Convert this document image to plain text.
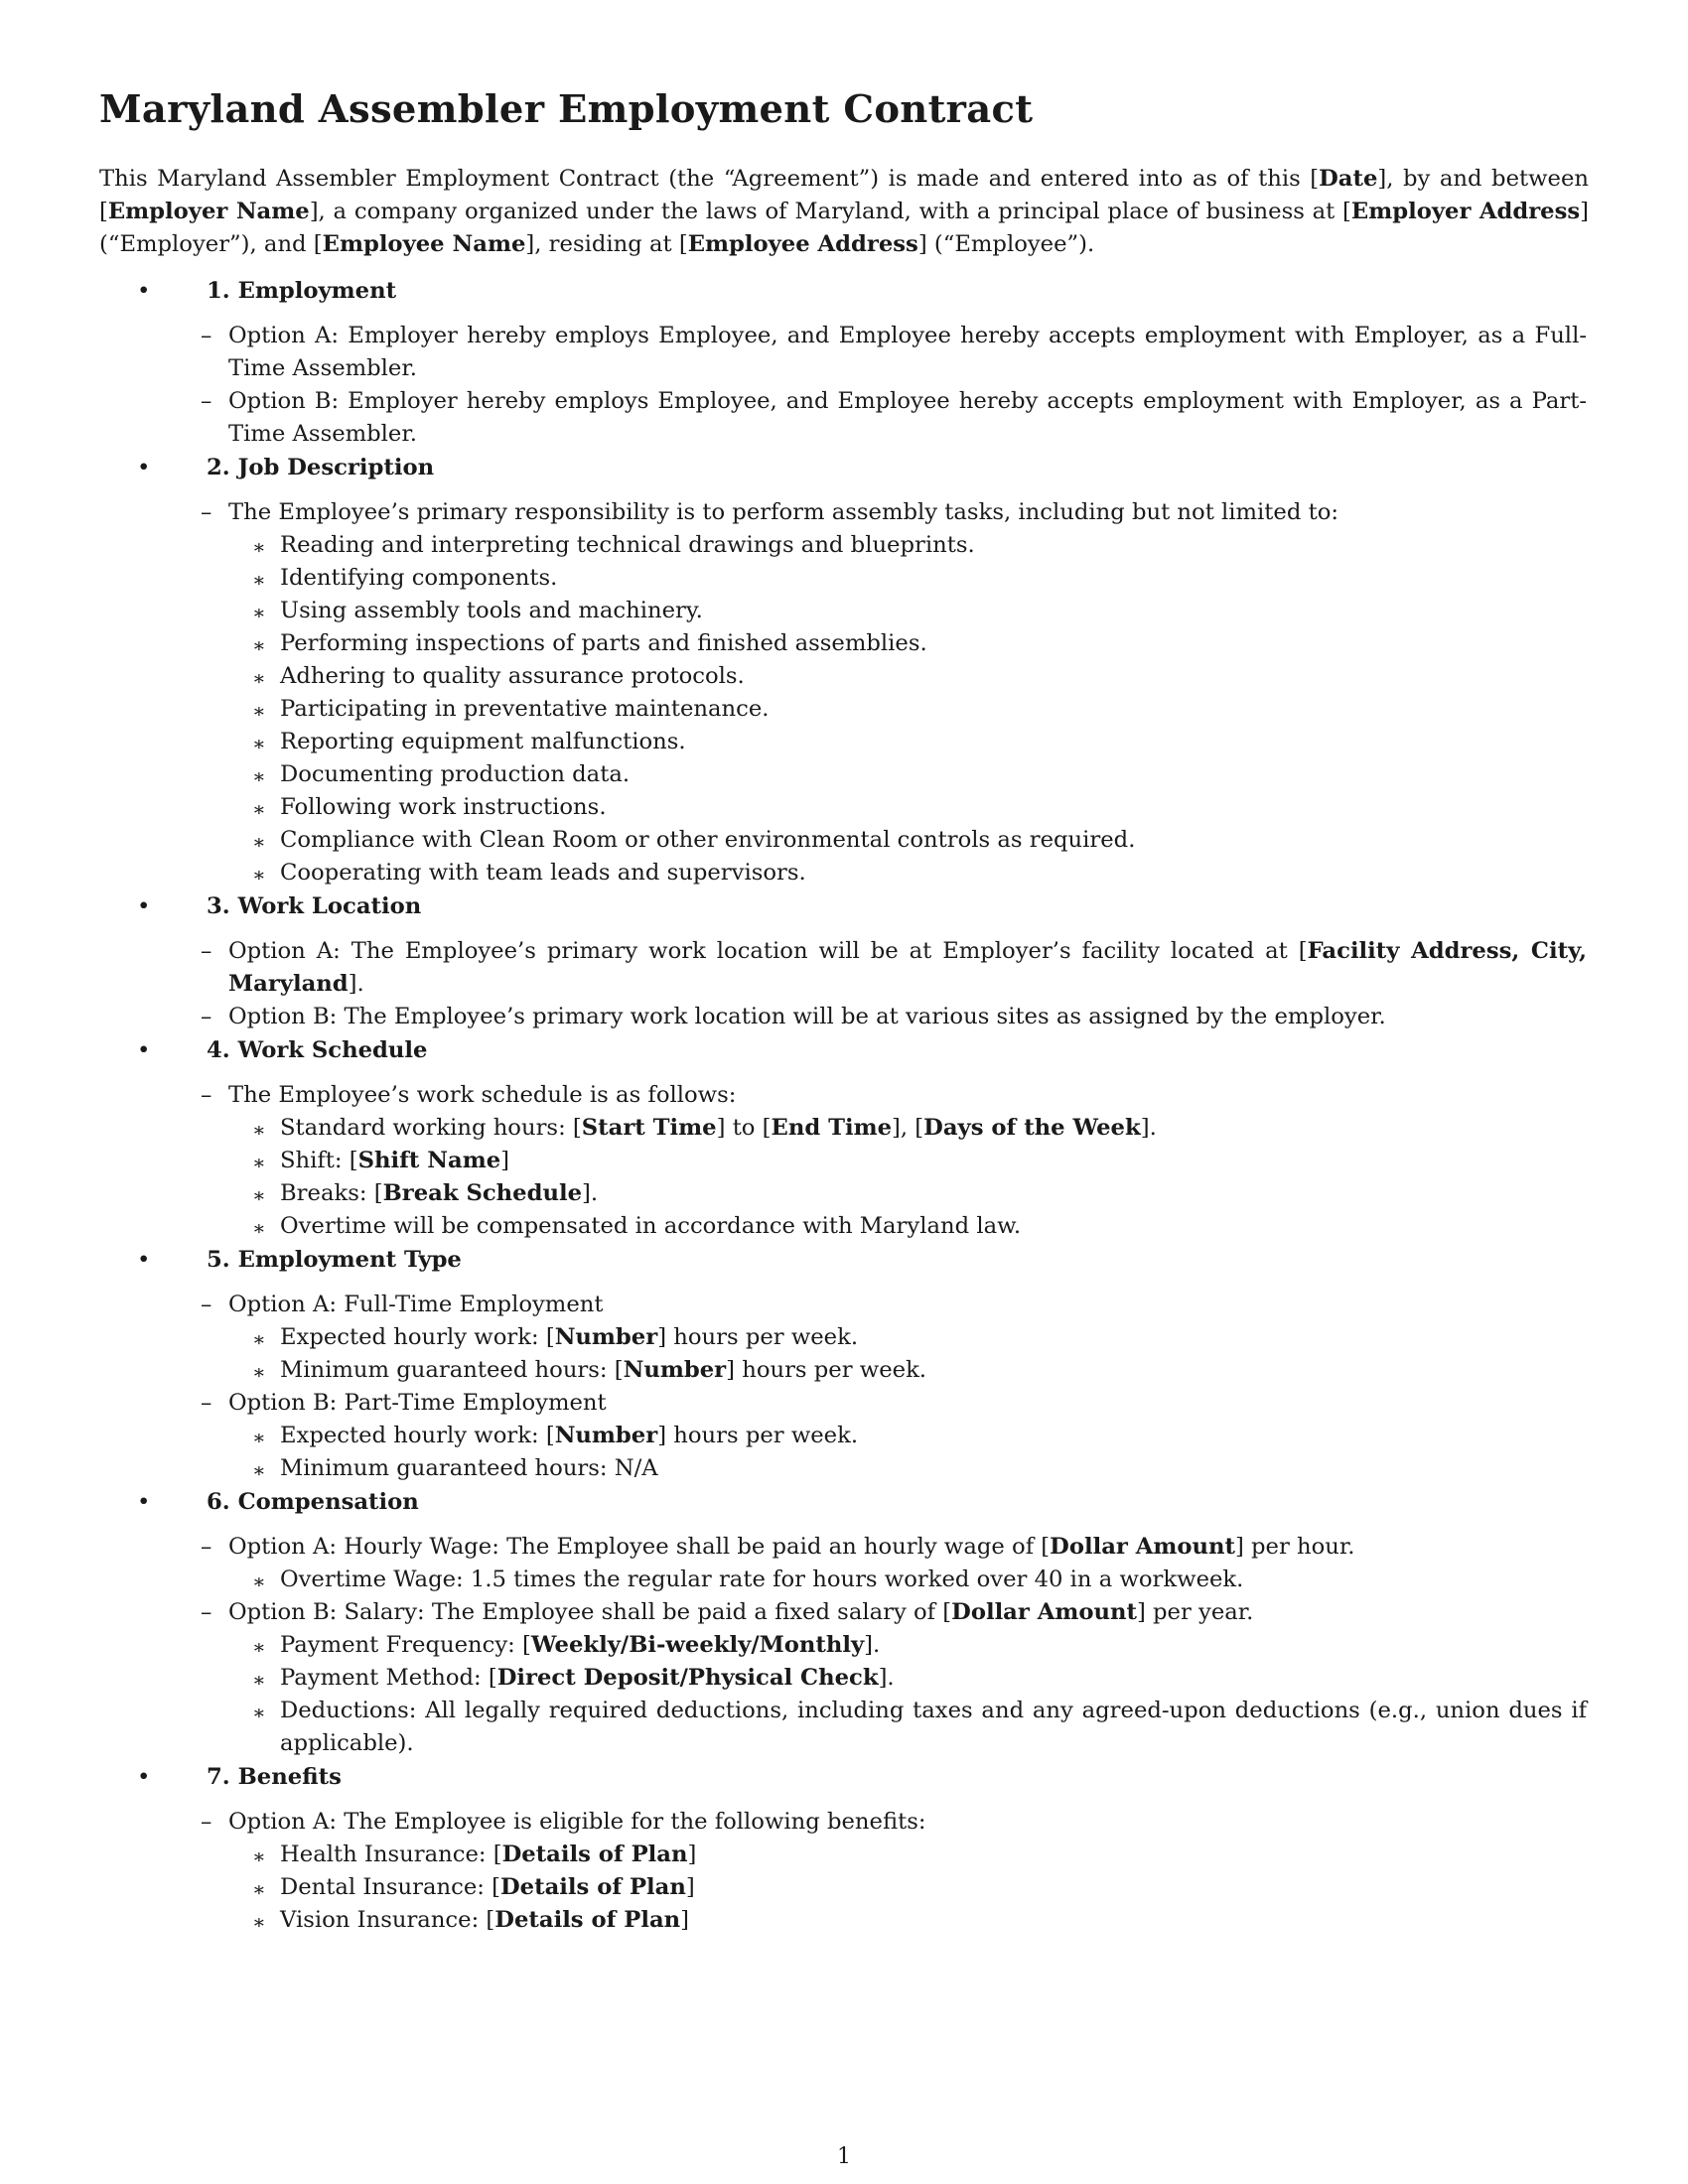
Maryland Assembler Employment Contract

This Maryland Assembler Employment Contract (the “Agreement”) is made and entered into as of this [Date], by and between [Employer Name], a company organized under the laws of Maryland, with a principal place of business at [Employer Address] (“Employer”), and [Employee Name], residing at [Employee Address] (“Employee”).

• 1. Employment
– Option A: Employer hereby employs Employee, and Employee hereby accepts employment with Employer, as a Full-Time Assembler.
– Option B: Employer hereby employs Employee, and Employee hereby accepts employment with Employer, as a Part-Time Assembler.
• 2. Job Description
– The Employee’s primary responsibility is to perform assembly tasks, including but not limited to:
∗ Reading and interpreting technical drawings and blueprints.
∗ Identifying components.
∗ Using assembly tools and machinery.
∗ Performing inspections of parts and finished assemblies.
∗ Adhering to quality assurance protocols.
∗ Participating in preventative maintenance.
∗ Reporting equipment malfunctions.
∗ Documenting production data.
∗ Following work instructions.
∗ Compliance with Clean Room or other environmental controls as required.
∗ Cooperating with team leads and supervisors.
• 3. Work Location
– Option A: The Employee’s primary work location will be at Employer’s facility located at [Facility Address, City, Maryland].
– Option B: The Employee’s primary work location will be at various sites as assigned by the employer.
• 4. Work Schedule
– The Employee’s work schedule is as follows:
∗ Standard working hours: [Start Time] to [End Time], [Days of the Week].
∗ Shift: [Shift Name]
∗ Breaks: [Break Schedule].
∗ Overtime will be compensated in accordance with Maryland law.
• 5. Employment Type
– Option A: Full-Time Employment
∗ Expected hourly work: [Number] hours per week.
∗ Minimum guaranteed hours: [Number] hours per week.
– Option B: Part-Time Employment
∗ Expected hourly work: [Number] hours per week.
∗ Minimum guaranteed hours: N/A
• 6. Compensation
– Option A: Hourly Wage: The Employee shall be paid an hourly wage of [Dollar Amount] per hour.
∗ Overtime Wage: 1.5 times the regular rate for hours worked over 40 in a workweek.
– Option B: Salary: The Employee shall be paid a fixed salary of [Dollar Amount] per year.
∗ Payment Frequency: [Weekly/Bi-weekly/Monthly].
∗ Payment Method: [Direct Deposit/Physical Check].
∗ Deductions: All legally required deductions, including taxes and any agreed-upon deductions (e.g., union dues if applicable).
• 7. Benefits
– Option A: The Employee is eligible for the following benefits:
∗ Health Insurance: [Details of Plan]
∗ Dental Insurance: [Details of Plan]
∗ Vision Insurance: [Details of Plan]
1
